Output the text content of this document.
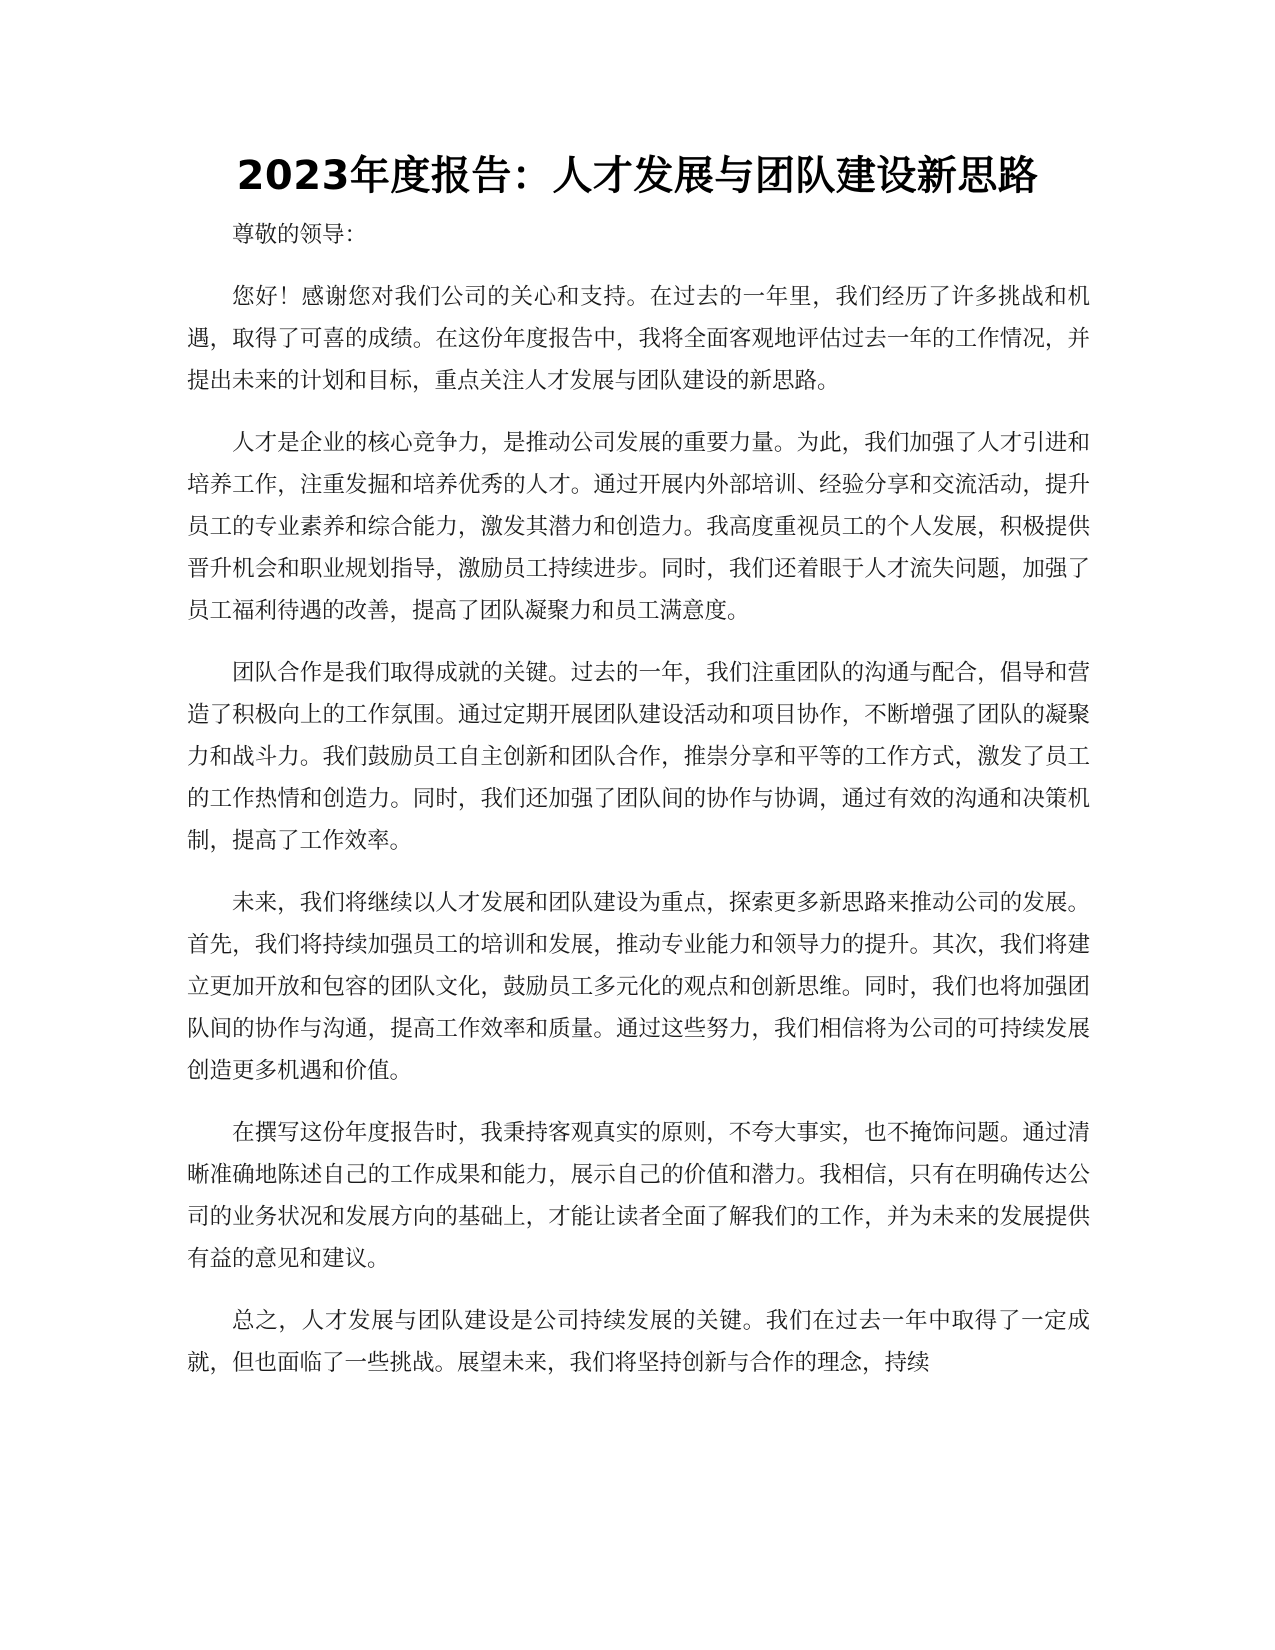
2023年度报告：人才发展与团队建设新思路

尊敬的领导：

您好！感谢您对我们公司的关心和支持。在过去的一年里，我们经历了许多挑战和机遇，取得了可喜的成绩。在这份年度报告中，我将全面客观地评估过去一年的工作情况，并提出未来的计划和目标，重点关注人才发展与团队建设的新思路。

人才是企业的核心竞争力，是推动公司发展的重要力量。为此，我们加强了人才引进和培养工作，注重发掘和培养优秀的人才。通过开展内外部培训、经验分享和交流活动，提升员工的专业素养和综合能力，激发其潜力和创造力。我高度重视员工的个人发展，积极提供晋升机会和职业规划指导，激励员工持续进步。同时，我们还着眼于人才流失问题，加强了员工福利待遇的改善，提高了团队凝聚力和员工满意度。

团队合作是我们取得成就的关键。过去的一年，我们注重团队的沟通与配合，倡导和营造了积极向上的工作氛围。通过定期开展团队建设活动和项目协作，不断增强了团队的凝聚力和战斗力。我们鼓励员工自主创新和团队合作，推崇分享和平等的工作方式，激发了员工的工作热情和创造力。同时，我们还加强了团队间的协作与协调，通过有效的沟通和决策机制，提高了工作效率。

未来，我们将继续以人才发展和团队建设为重点，探索更多新思路来推动公司的发展。首先，我们将持续加强员工的培训和发展，推动专业能力和领导力的提升。其次，我们将建立更加开放和包容的团队文化，鼓励员工多元化的观点和创新思维。同时，我们也将加强团队间的协作与沟通，提高工作效率和质量。通过这些努力，我们相信将为公司的可持续发展创造更多机遇和价值。

在撰写这份年度报告时，我秉持客观真实的原则，不夸大事实，也不掩饰问题。通过清晰准确地陈述自己的工作成果和能力，展示自己的价值和潜力。我相信，只有在明确传达公司的业务状况和发展方向的基础上，才能让读者全面了解我们的工作，并为未来的发展提供有益的意见和建议。

总之，人才发展与团队建设是公司持续发展的关键。我们在过去一年中取得了一定成就，但也面临了一些挑战。展望未来，我们将坚持创新与合作的理念，持续
